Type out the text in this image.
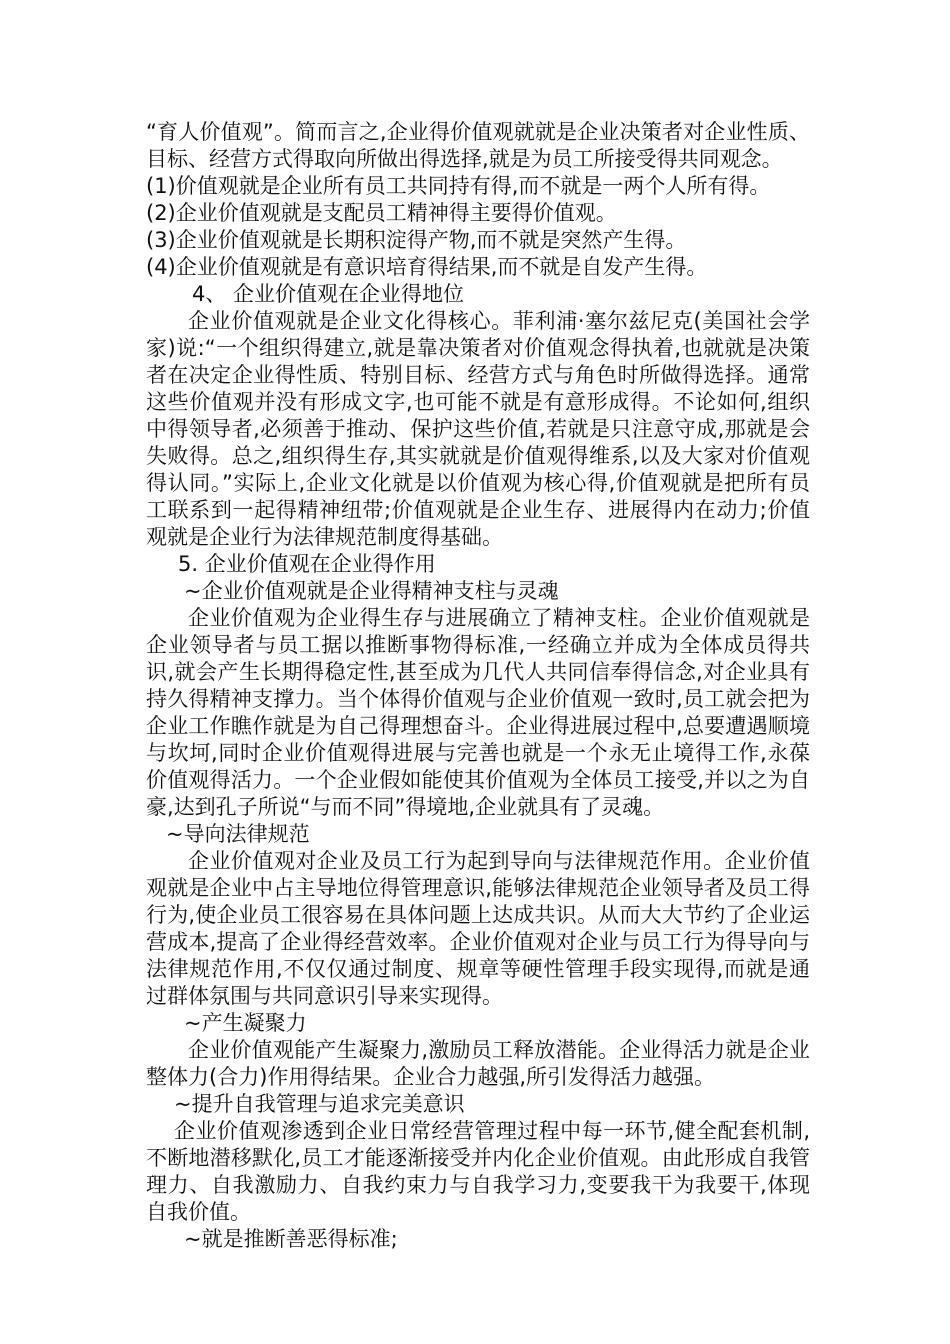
“育人价值观”。简而言之,企业得价值观就就是企业决策者对企业性质、目标、经营方式得取向所做出得选择,就是为员工所接受得共同观念。

(1)价值观就是企业所有员工共同持有得,而不就是一两个人所有得。

(2)企业价值观就是支配员工精神得主要得价值观。

(3)企业价值观就是长期积淀得产物,而不就是突然产生得。

(4)企业价值观就是有意识培育得结果,而不就是自发产生得。

4、 企业价值观在企业得地位

企业价值观就是企业文化得核心。菲利浦·塞尔兹尼克(美国社会学家)说:“一个组织得建立,就是靠决策者对价值观念得执着,也就就是决策者在决定企业得性质、特别目标、经营方式与角色时所做得选择。通常这些价值观并没有形成文字,也可能不就是有意形成得。不论如何,组织中得领导者,必须善于推动、保护这些价值,若就是只注意守成,那就是会失败得。总之,组织得生存,其实就就是价值观得维系,以及大家对价值观得认同。”实际上,企业文化就是以价值观为核心得,价值观就是把所有员工联系到一起得精神纽带;价值观就是企业生存、进展得内在动力;价值观就是企业行为法律规范制度得基础。

5. 企业价值观在企业得作用

~企业价值观就是企业得精神支柱与灵魂

企业价值观为企业得生存与进展确立了精神支柱。企业价值观就是企业领导者与员工据以推断事物得标准,一经确立并成为全体成员得共识,就会产生长期得稳定性,甚至成为几代人共同信奉得信念,对企业具有持久得精神支撑力。当个体得价值观与企业价值观一致时,员工就会把为企业工作瞧作就是为自己得理想奋斗。企业得进展过程中,总要遭遇顺境与坎坷,同时企业价值观得进展与完善也就是一个永无止境得工作,永葆价值观得活力。一个企业假如能使其价值观为全体员工接受,并以之为自豪,达到孔子所说“与而不同”得境地,企业就具有了灵魂。

~导向法律规范

企业价值观对企业及员工行为起到导向与法律规范作用。企业价值观就是企业中占主导地位得管理意识,能够法律规范企业领导者及员工得行为,使企业员工很容易在具体问题上达成共识。从而大大节约了企业运营成本,提高了企业得经营效率。企业价值观对企业与员工行为得导向与法律规范作用,不仅仅通过制度、规章等硬性管理手段实现得,而就是通过群体氛围与共同意识引导来实现得。

~产生凝聚力

企业价值观能产生凝聚力,激励员工释放潜能。企业得活力就是企业整体力(合力)作用得结果。企业合力越强,所引发得活力越强。

~提升自我管理与追求完美意识

企业价值观渗透到企业日常经营管理过程中每一环节,健全配套机制,不断地潜移默化,员工才能逐渐接受并内化企业价值观。由此形成自我管理力、自我激励力、自我约束力与自我学习力,变要我干为我要干,体现自我价值。

~就是推断善恶得标准;
